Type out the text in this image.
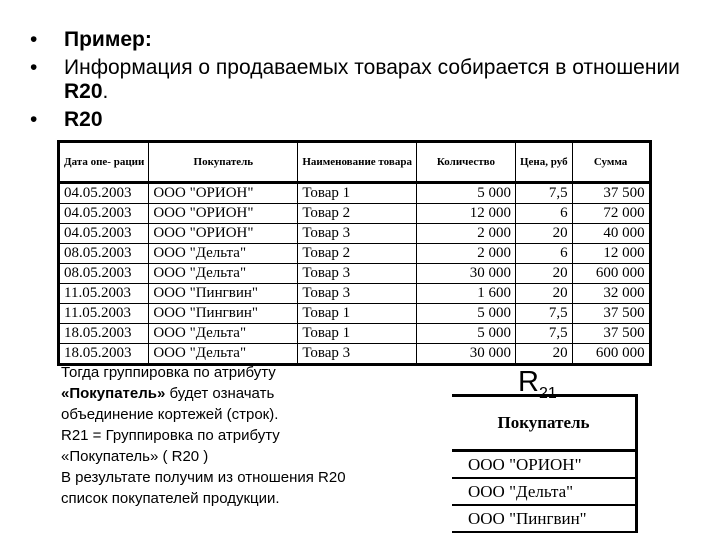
• Пример:
• Информация о продаваемых товарах собирается в отношении R20.
• R20
Дата опе- рации	Покупатель	Наименование товара	Количество	Цена, руб	Сумма
04.05.2003	ООО "ОРИОН"	Товар 1	5 000	7,5	37 500
04.05.2003	ООО "ОРИОН"	Товар 2	12 000	6	72 000
04.05.2003	ООО "ОРИОН"	Товар 3	2 000	20	40 000
08.05.2003	ООО "Дельта"	Товар 2	2 000	6	12 000
08.05.2003	ООО "Дельта"	Товар 3	30 000	20	600 000
11.05.2003	ООО "Пингвин"	Товар 3	1 600	20	32 000
11.05.2003	ООО "Пингвин"	Товар 1	5 000	7,5	37 500
18.05.2003	ООО "Дельта"	Товар 1	5 000	7,5	37 500
18.05.2003	ООО "Дельта"	Товар 3	30 000	20	600 000

Тогда группировка по атрибуту

«Покупатель» будет означать

объединение кортежей (строк).

R21 = Группировка по атрибуту

«Покупатель» ( R20 )

В результате получим из отношения R20

список покупателей продукции.

$R_{21}$
Покупатель
ООО "ОРИОН"
ООО "Дельта"
ООО "Пингвин"
